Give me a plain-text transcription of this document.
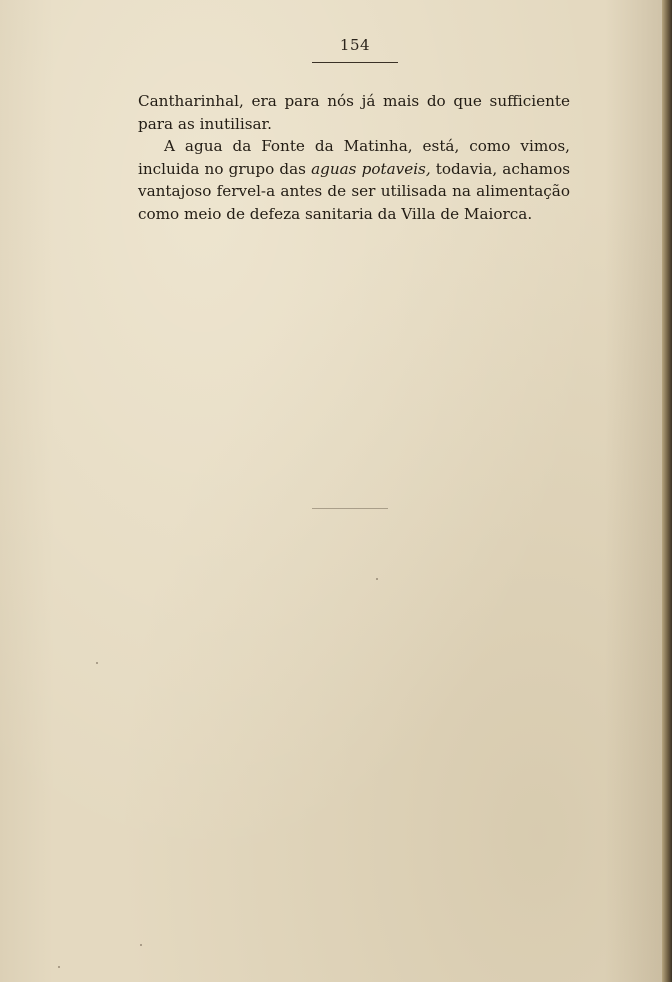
154

Cantharinhal, era para nós já mais do que sufficiente para as inutilisar.

A agua da Fonte da Matinha, está, como vimos, incluida no grupo das aguas potaveis, todavia, achamos vantajoso fervel-a antes de ser utilisada na alimentação como meio de defeza sanitaria da Villa de Maiorca.
